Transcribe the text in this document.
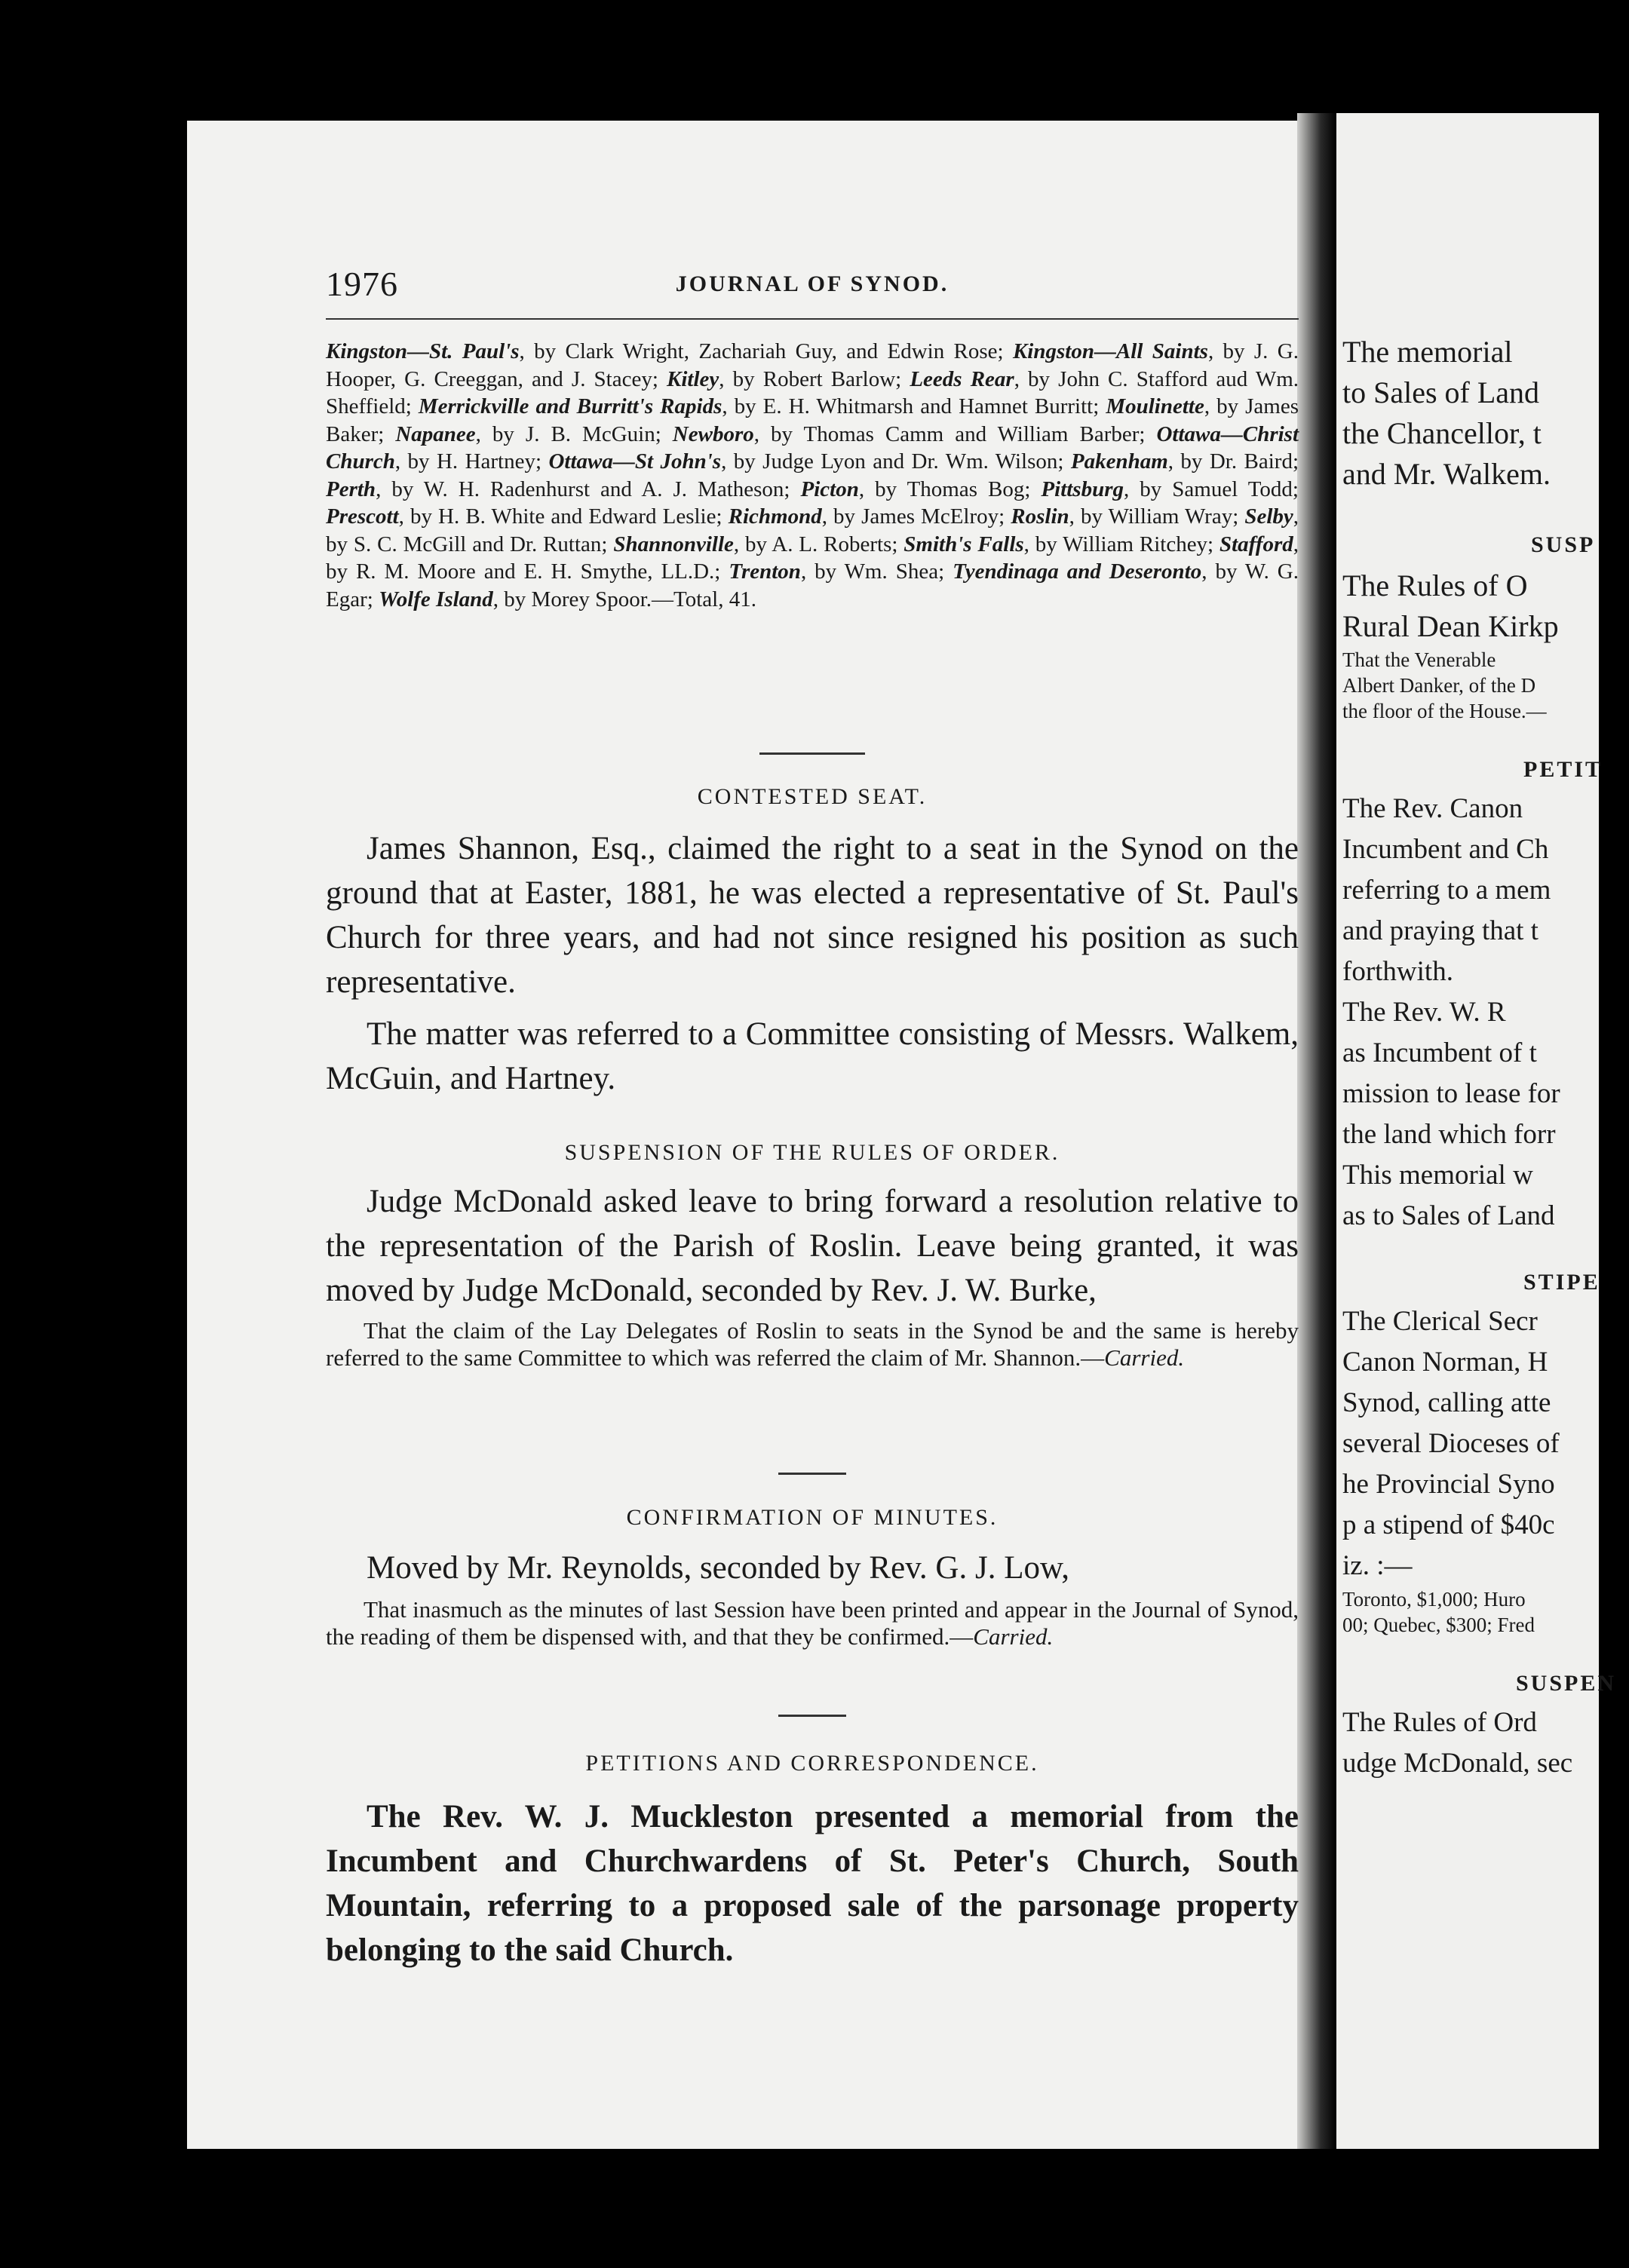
1976	JOURNAL OF SYNOD.
Kingston—St. Paul's, by Clark Wright, Zachariah Guy, and Edwin Rose; Kingston—All Saints, by J. G. Hooper, G. Creeggan, and J. Stacey; Kitley, by Robert Barlow; Leeds Rear, by John C. Stafford aud Wm. Sheffield; Merrickville and Burritt's Rapids, by E. H. Whitmarsh and Hamnet Burritt; Moulinette, by James Baker; Napanee, by J. B. McGuin; Newboro, by Thomas Camm and William Barber; Ottawa—Christ Church, by H. Hartney; Ottawa—St John's, by Judge Lyon and Dr. Wm. Wilson; Pakenham, by Dr. Baird; Perth, by W. H. Radenhurst and A. J. Matheson; Picton, by Thomas Bog; Pittsburg, by Samuel Todd; Prescott, by H. B. White and Edward Leslie; Richmond, by James McElroy; Roslin, by William Wray; Selby, by S. C. McGill and Dr. Ruttan; Shannonville, by A. L. Roberts; Smith's Falls, by William Ritchey; Stafford, by R. M. Moore and E. H. Smythe, LL.D.; Trenton, by Wm. Shea; Tyendinaga and Deseronto, by W. G. Egar; Wolfe Island, by Morey Spoor.—Total, 41.
CONTESTED SEAT.

James Shannon, Esq., claimed the right to a seat in the Synod on the ground that at Easter, 1881, he was elected a representative of St. Paul's Church for three years, and had not since resigned his position as such representative.

The matter was referred to a Committee consisting of Messrs. Walkem, McGuin, and Hartney.

SUSPENSION OF THE RULES OF ORDER.

Judge McDonald asked leave to bring forward a resolution relative to the representation of the Parish of Roslin. Leave being granted, it was moved by Judge McDonald, seconded by Rev. J. W. Burke,

That the claim of the Lay Delegates of Roslin to seats in the Synod be and the same is hereby referred to the same Committee to which was referred the claim of Mr. Shannon.—Carried.

CONFIRMATION OF MINUTES.

Moved by Mr. Reynolds, seconded by Rev. G. J. Low,

That inasmuch as the minutes of last Session have been printed and appear in the Journal of Synod, the reading of them be dispensed with, and that they be confirmed.—Carried.

PETITIONS AND CORRESPONDENCE.

The Rev. W. J. Muckleston presented a memorial from the Incumbent and Churchwardens of St. Peter's Church, South Mountain, referring to a proposed sale of the parsonage property belonging to the said Church.

The memorial
to Sales of Land
the Chancellor, t
and Mr. Walkem.
SUSP
The Rules of O
Rural Dean Kirkp
That the Venerable
Albert Danker, of the D
the floor of the House.—
PETIT
The Rev. Canon
Incumbent and Ch
referring to a mem
and praying that t
forthwith.
The Rev. W. R
as Incumbent of t
mission to lease for
the land which forr
This memorial w
as to Sales of Land
STIPE
The Clerical Secr
Canon Norman, H
Synod, calling atte
several Dioceses of
he Provincial Syno
p a stipend of $40c
iz. :—
Toronto, $1,000; Huro
00; Quebec, $300; Fred
SUSPEN
The Rules of Ord
udge McDonald, sec
